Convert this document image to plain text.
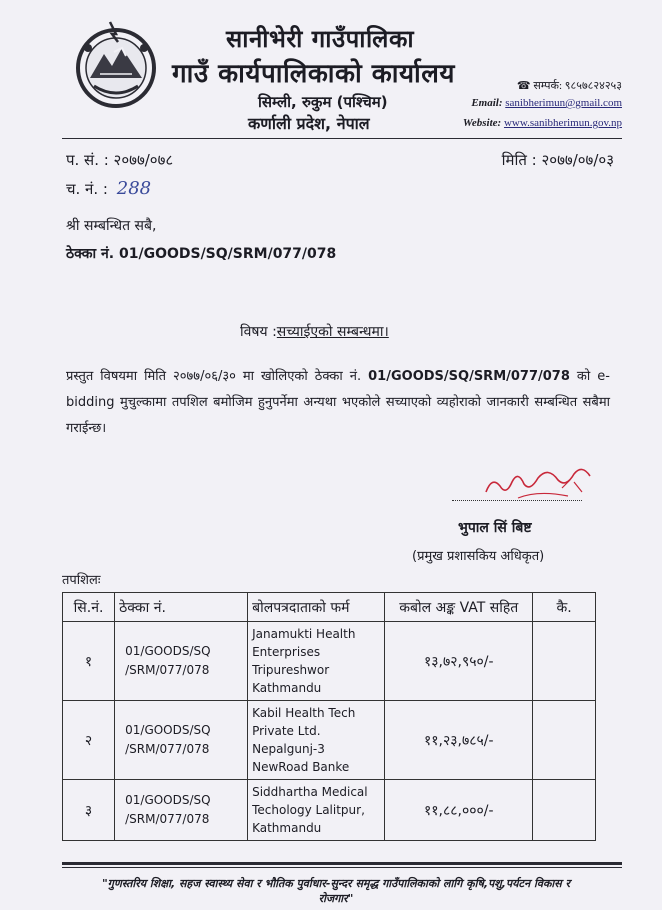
सानीभेरी गाउँपालिका
गाउँ कार्यपालिकाको कार्यालय
सिम्ली, रुकुम (पश्चिम)
कर्णाली प्रदेश, नेपाल
☎ सम्पर्क: ९८५७८२४२५३
Email: sanibherimun@gmail.com
Website: www.sanibherimun.gov.np
प. सं. : २०७७/०७८
च. नं. : 288
मिति : २०७७/०७/०३
श्री सम्बन्धित सबै,
ठेक्का नं. 01/GOODS/SQ/SRM/077/078
विषय :सच्याईएको सम्बन्धमा।
प्रस्तुत विषयमा मिति २०७७/०६/३० मा खोलिएको ठेक्का नं. 01/GOODS/SQ/SRM/077/078 को e-bidding मुचुल्कामा तपशिल बमोजिम हुनुपर्नेमा अन्यथा भएकोले सच्याएको व्यहोराको जानकारी सम्बन्धित सबैमा गराईन्छ।
भुपाल सिं बिष्ट
(प्रमुख प्रशासकिय अधिकृत)
तपशिलः
सि.नं.	ठेक्का नं.	बोलपत्रदाताको फर्म	कबोल अङ्क VAT सहित	कै.
१	01/GOODS/SQ /SRM/077/078	Janamukti Health Enterprises Tripureshwor Kathmandu	१३,७२,९५०/-	
२	01/GOODS/SQ /SRM/077/078	Kabil Health Tech Private Ltd. Nepalgunj-3 NewRoad Banke	११,२३,७८५/-	
३	01/GOODS/SQ /SRM/077/078	Siddhartha Medical Techology Lalitpur, Kathmandu	११,८८,०००/-	
"गुणस्तरिय शिक्षा, सहज स्वास्थ्य सेवा र भौतिक पुर्वाधार-सुन्दर समृद्ध गाउँपालिकाको लागि कृषि,पशु,पर्यटन विकास र रोजगार"
